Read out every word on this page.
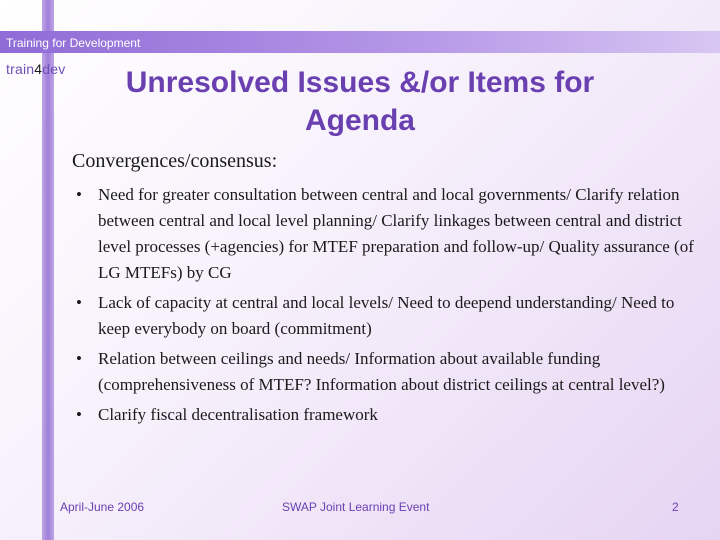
Training for Development
train4dev	Unresolved Issues &/or Items for Agenda
Convergences/consensus:
• Need for greater consultation between central and local governments/ Clarify relation between central and local level planning/ Clarify linkages between central and district level processes (+agencies) for MTEF preparation and follow-up/ Quality assurance (of LG MTEFs) by CG
• Lack of capacity at central and local levels/ Need to deepend understanding/ Need to keep everybody on board (commitment)
• Relation between ceilings and needs/ Information about available funding (comprehensiveness of MTEF? Information about district ceilings at central level?)
• Clarify fiscal decentralisation framework
April-June 2006	SWAP Joint Learning Event	2
